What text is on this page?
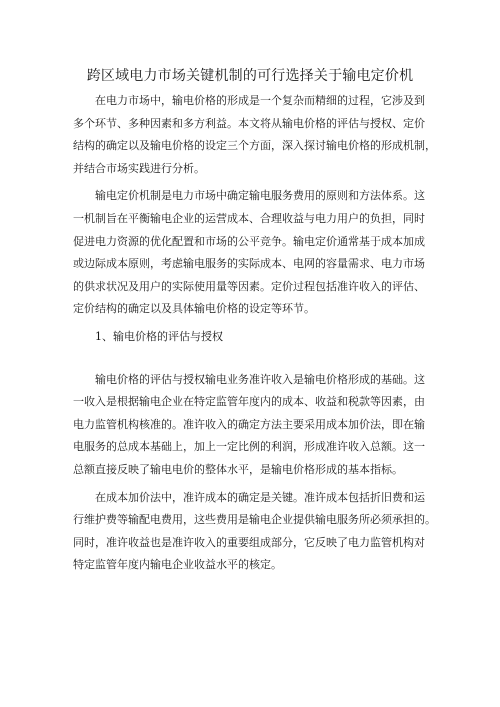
跨区域电力市场关键机制的可行选择关于输电定价机

在电力市场中，输电价格的形成是一个复杂而精细的过程，它涉及到
多个环节、多种因素和多方利益。本文将从输电价格的评估与授权、定价
结构的确定以及输电价格的设定三个方面，深入探讨输电价格的形成机制，
并结合市场实践进行分析。

输电定价机制是电力市场中确定输电服务费用的原则和方法体系。这
一机制旨在平衡输电企业的运营成本、合理收益与电力用户的负担，同时
促进电力资源的优化配置和市场的公平竞争。输电定价通常基于成本加成
或边际成本原则，考虑输电服务的实际成本、电网的容量需求、电力市场
的供求状况及用户的实际使用量等因素。定价过程包括准许收入的评估、
定价结构的确定以及具体输电价格的设定等环节。

1、输电价格的评估与授权

输电价格的评估与授权输电业务准许收入是输电价格形成的基础。这
一收入是根据输电企业在特定监管年度内的成本、收益和税款等因素，由
电力监管机构核准的。准许收入的确定方法主要采用成本加价法，即在输
电服务的总成本基础上，加上一定比例的利润，形成准许收入总额。这一
总额直接反映了输电电价的整体水平，是输电价格形成的基本指标。

在成本加价法中，准许成本的确定是关键。准许成本包括折旧费和运
行维护费等输配电费用，这些费用是输电企业提供输电服务所必须承担的。
同时，准许收益也是准许收入的重要组成部分，它反映了电力监管机构对
特定监管年度内输电企业收益水平的核定。
